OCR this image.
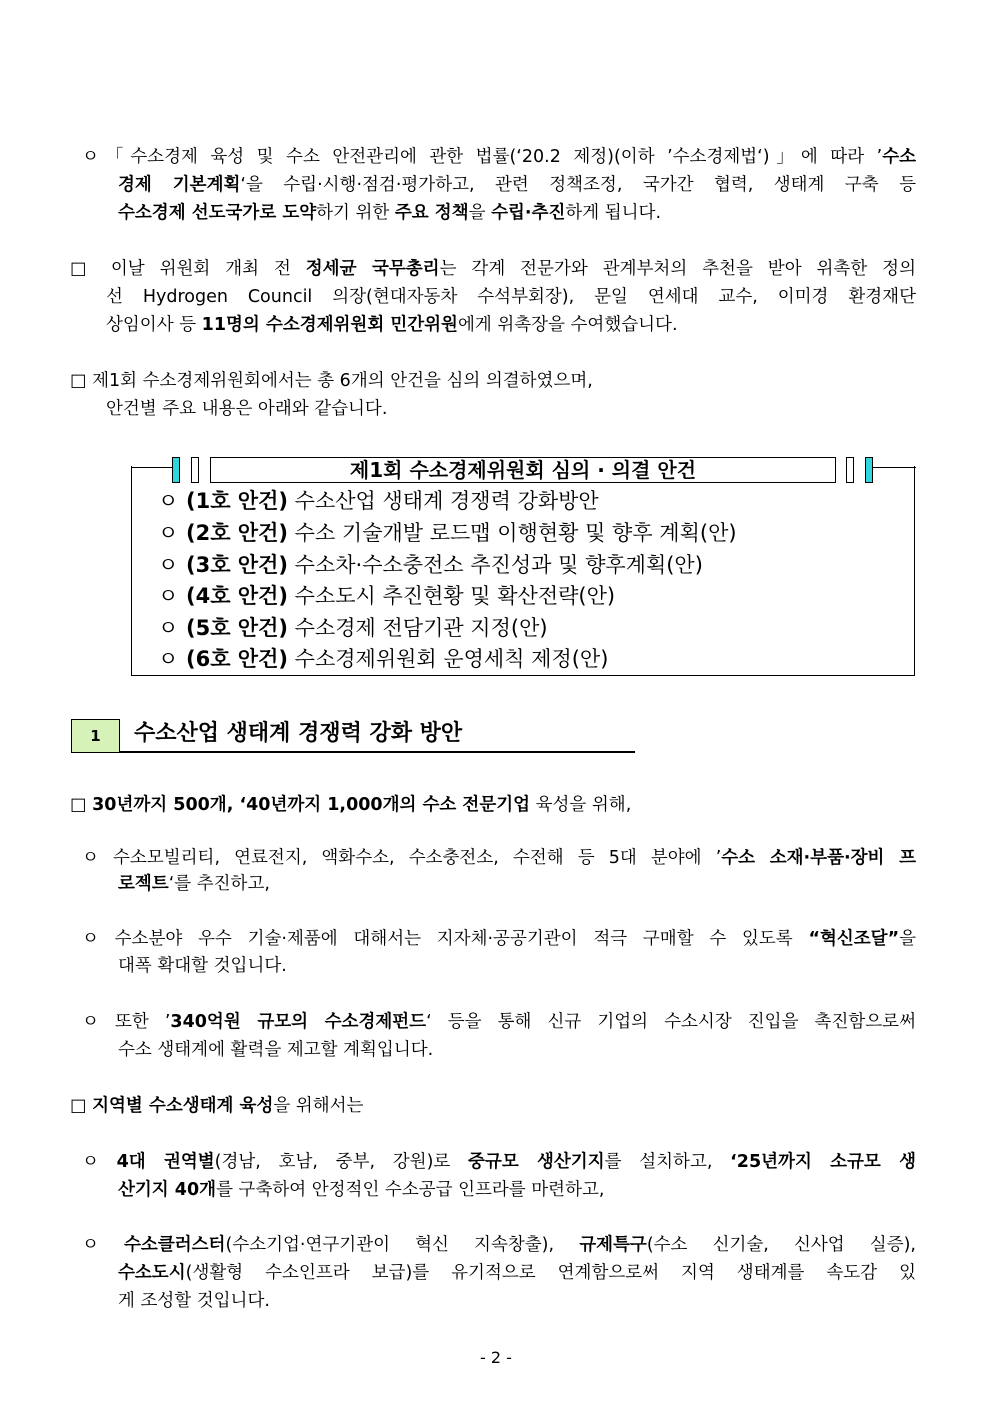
ㅇ「수소경제 육성 및 수소 안전관리에 관한 법률(‘20.2 제정)(이하 ’수소경제법‘)」에 따라 ’수소
경제 기본계획‘을 수립·시행·점검·평가하고, 관련 정책조정, 국가간 협력, 생태계 구축 등
수소경제 선도국가로 도약하기 위한 주요 정책을 수립·추진하게 됩니다.
□ 이날 위원회 개최 전 정세균 국무총리는 각계 전문가와 관계부처의 추천을 받아 위촉한 정의
선 Hydrogen Council 의장(현대자동차 수석부회장), 문일 연세대 교수, 이미경 환경재단
상임이사 등 11명의 수소경제위원회 민간위원에게 위촉장을 수여했습니다.
□ 제1회 수소경제위원회에서는 총 6개의 안건을 심의 의결하였으며,
안건별 주요 내용은 아래와 같습니다.
제1회 수소경제위원회 심의 · 의결 안건
ㅇ (1호 안건) 수소산업 생태계 경쟁력 강화방안
ㅇ (2호 안건) 수소 기술개발 로드맵 이행현황 및 향후 계획(안)
ㅇ (3호 안건) 수소차·수소충전소 추진성과 및 향후계획(안)
ㅇ (4호 안건) 수소도시 추진현황 및 확산전략(안)
ㅇ (5호 안건) 수소경제 전담기관 지정(안)
ㅇ (6호 안건) 수소경제위원회 운영세칙 제정(안)
1	수소산업 생태계 경쟁력 강화 방안
□ 30년까지 500개, ‘40년까지 1,000개의 수소 전문기업 육성을 위해,
ㅇ 수소모빌리티, 연료전지, 액화수소, 수소충전소, 수전해 등 5대 분야에 ’수소 소재·부품·장비 프
로젝트‘를 추진하고,
ㅇ 수소분야 우수 기술·제품에 대해서는 지자체·공공기관이 적극 구매할 수 있도록 “혁신조달”을
대폭 확대할 것입니다.
ㅇ 또한 ’340억원 규모의 수소경제펀드‘ 등을 통해 신규 기업의 수소시장 진입을 촉진함으로써
수소 생태계에 활력을 제고할 계획입니다.
□ 지역별 수소생태계 육성을 위해서는
ㅇ 4대 권역별(경남, 호남, 중부, 강원)로 중규모 생산기지를 설치하고, ‘25년까지 소규모 생
산기지 40개를 구축하여 안정적인 수소공급 인프라를 마련하고,
ㅇ 수소클러스터(수소기업·연구기관이 혁신 지속창출), 규제특구(수소 신기술, 신사업 실증),
수소도시(생활형 수소인프라 보급)를 유기적으로 연계함으로써 지역 생태계를 속도감 있
게 조성할 것입니다.
- 2 -
